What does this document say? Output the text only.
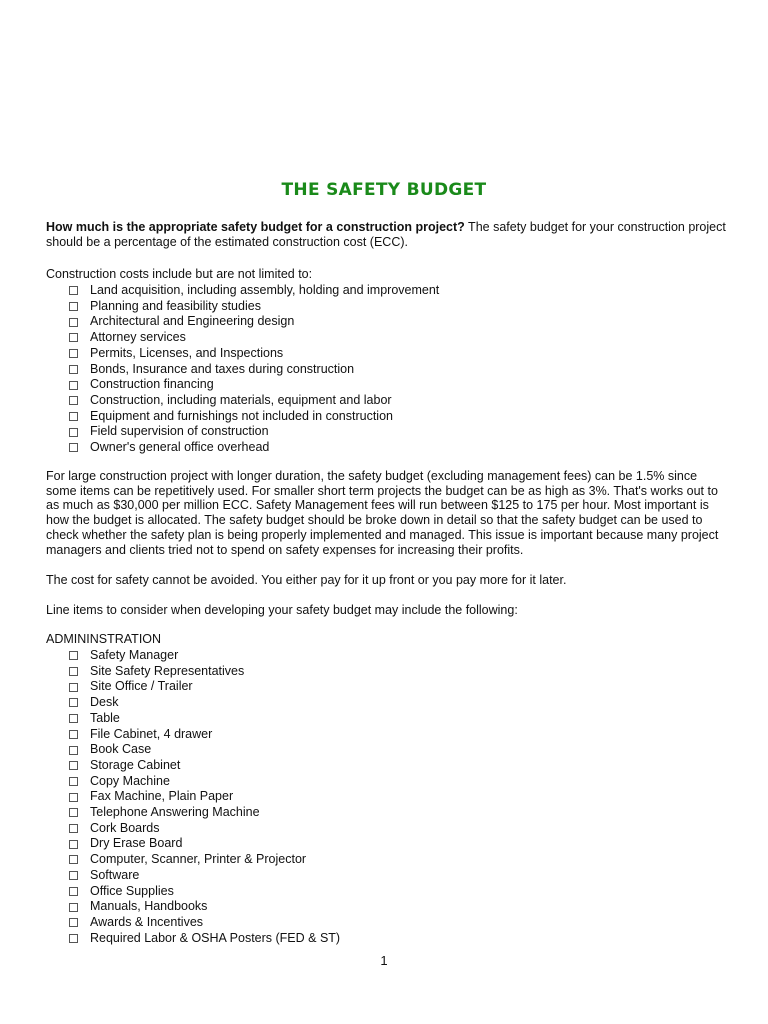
THE SAFETY BUDGET
How much is the appropriate safety budget for a construction project? The safety budget for your construction project should be a percentage of the estimated construction cost (ECC).
Construction costs include but are not limited to:
Land acquisition, including assembly, holding and improvement
Planning and feasibility studies
Architectural and Engineering design
Attorney services
Permits, Licenses, and Inspections
Bonds, Insurance and taxes during construction
Construction financing
Construction, including materials, equipment and labor
Equipment and furnishings not included in construction
Field supervision of construction
Owner's general office overhead
For large construction project with longer duration, the safety budget (excluding management fees) can be 1.5% since some items can be repetitively used. For smaller short term projects the budget can be as high as 3%. That's works out to as much as $30,000 per million ECC. Safety Management fees will run between $125 to 175 per hour. Most important is how the budget is allocated. The safety budget should be broke down in detail so that the safety budget can be used to check whether the safety plan is being properly implemented and managed. This issue is important because many project managers and clients tried not to spend on safety expenses for increasing their profits.
The cost for safety cannot be avoided. You either pay for it up front or you pay more for it later.
Line items to consider when developing your safety budget may include the following:
ADMININSTRATION
Safety Manager
Site Safety Representatives
Site Office / Trailer
Desk
Table
File Cabinet, 4 drawer
Book Case
Storage Cabinet
Copy Machine
Fax Machine, Plain Paper
Telephone Answering Machine
Cork Boards
Dry Erase Board
Computer, Scanner, Printer & Projector
Software
Office Supplies
Manuals, Handbooks
Awards & Incentives
Required Labor & OSHA Posters (FED & ST)
1
